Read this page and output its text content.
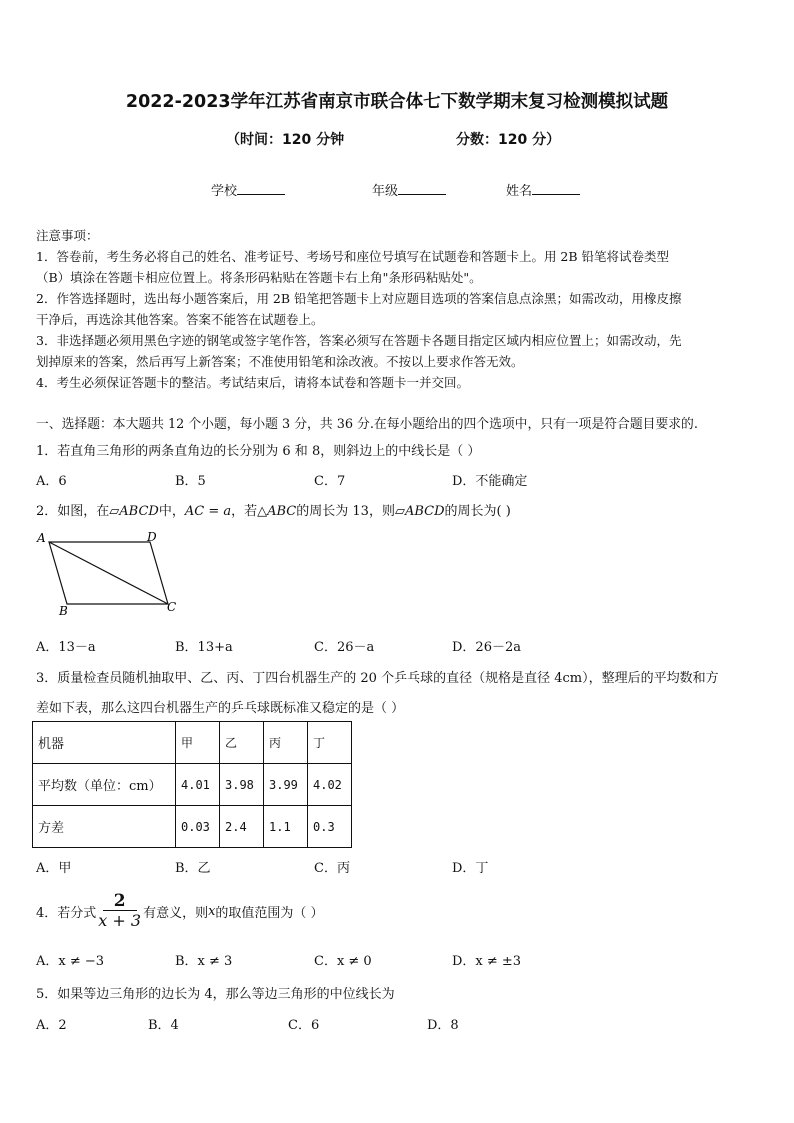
2022-2023学年江苏省南京市联合体七下数学期末复习检测模拟试题
（时间：120 分钟	分数：120 分）
学校	年级	姓名
注意事项：
1．答卷前，考生务必将自己的姓名、准考证号、考场号和座位号填写在试题卷和答题卡上。用 2B 铅笔将试卷类型
（B）填涂在答题卡相应位置上。将条形码粘贴在答题卡右上角"条形码粘贴处"。
2．作答选择题时，选出每小题答案后，用 2B 铅笔把答题卡上对应题目选项的答案信息点涂黑；如需改动，用橡皮擦
干净后，再选涂其他答案。答案不能答在试题卷上。
3．非选择题必须用黑色字迹的钢笔或签字笔作答，答案必须写在答题卡各题目指定区域内相应位置上；如需改动，先
划掉原来的答案，然后再写上新答案；不准使用铅笔和涂改液。不按以上要求作答无效。
4．考生必须保证答题卡的整洁。考试结束后，请将本试卷和答题卡一并交回。
一、选择题：本大题共 12 个小题，每小题 3 分，共 36 分.在每小题给出的四个选项中，只有一项是符合题目要求的.
1．若直角三角形的两条直角边的长分别为 6 和 8，则斜边上的中线长是（ ）
A．6	B．5	C．7	D．不能确定
2．如图，在▱ABCD中，AC = a，若△ABC的周长为 13，则▱ABCD的周长为( )
A	D
B	C
A．13－a	B．13+a	C．26－a	D．26－2a
3．质量检查员随机抽取甲、乙、丙、丁四台机器生产的 20 个乒乓球的直径（规格是直径 4cm），整理后的平均数和方
差如下表，那么这四台机器生产的乒乓球既标准又稳定的是（ ）
机器	甲	乙	丙	丁
平均数（单位：cm）	4.01	3.98	3.99	4.02
方差	0.03	2.4	1.1	0.3
A．甲	B．乙	C．丙	D．丁
4．若分式 $\frac{2}{x + 3}$ 有意义，则 x 的取值范围为（ ）
A．x ≠ −3	B．x ≠ 3	C．x ≠ 0	D．x ≠ ±3
5．如果等边三角形的边长为 4，那么等边三角形的中位线长为
A．2	B．4	C．6	D．8
